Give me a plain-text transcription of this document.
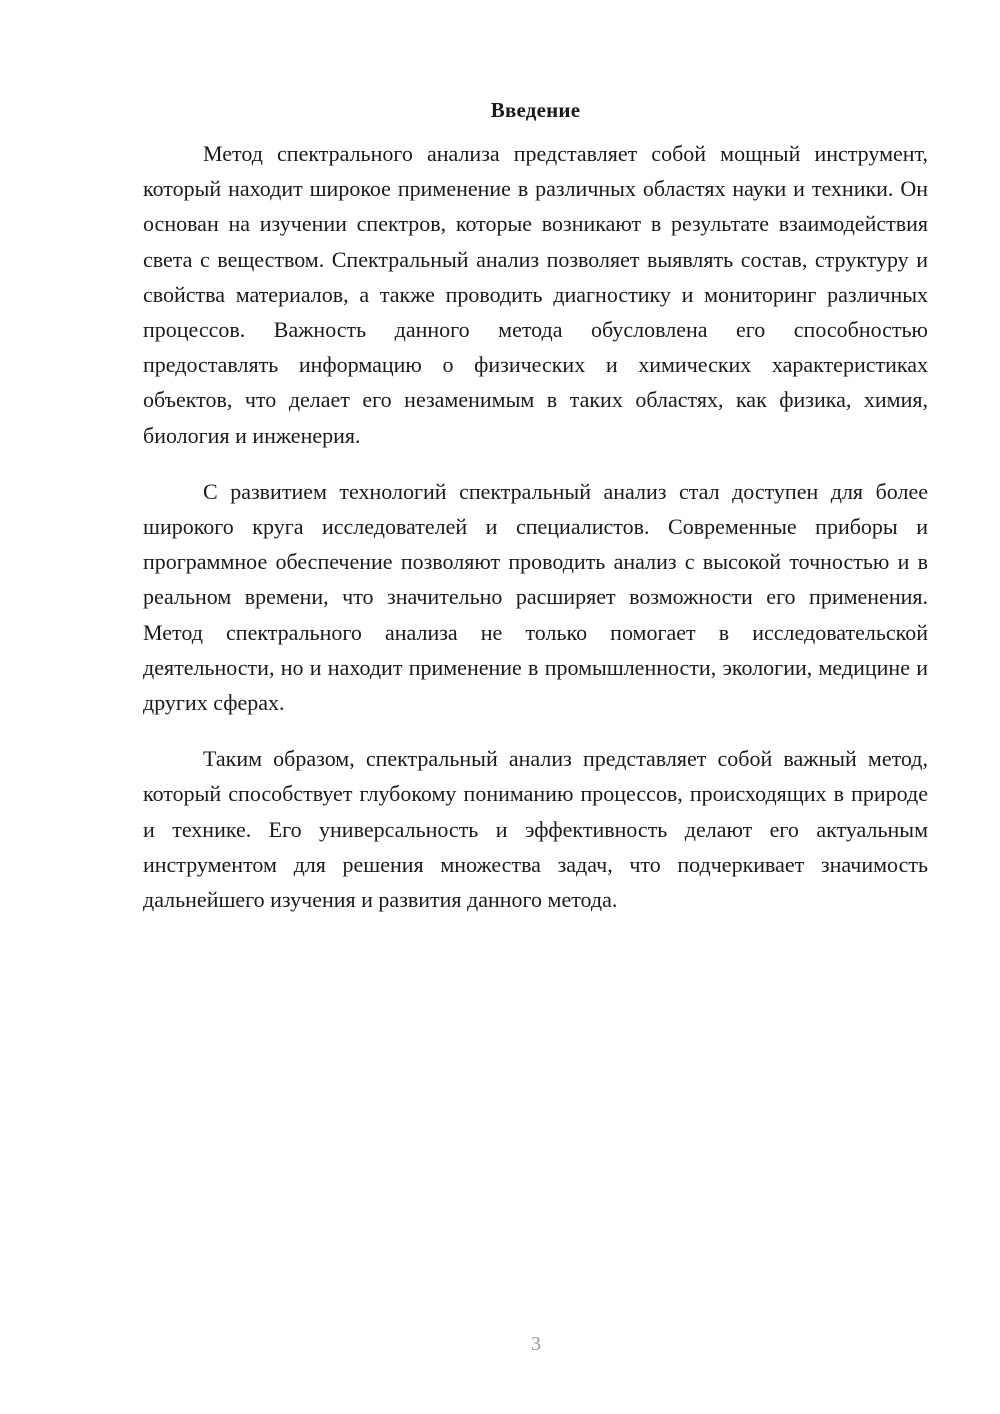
Введение

Метод спектрального анализа представляет собой мощный инструмент, который находит широкое применение в различных областях науки и техники. Он основан на изучении спектров, которые возникают в результате взаимодействия света с веществом. Спектральный анализ позволяет выявлять состав, структуру и свойства материалов, а также проводить диагностику и мониторинг различных процессов. Важность данного метода обусловлена его способностью предоставлять информацию о физических и химических характеристиках объектов, что делает его незаменимым в таких областях, как физика, химия, биология и инженерия.

С развитием технологий спектральный анализ стал доступен для более широкого круга исследователей и специалистов. Современные приборы и программное обеспечение позволяют проводить анализ с высокой точностью и в реальном времени, что значительно расширяет возможности его применения. Метод спектрального анализа не только помогает в исследовательской деятельности, но и находит применение в промышленности, экологии, медицине и других сферах.

Таким образом, спектральный анализ представляет собой важный метод, который способствует глубокому пониманию процессов, происходящих в природе и технике. Его универсальность и эффективность делают его актуальным инструментом для решения множества задач, что подчеркивает значимость дальнейшего изучения и развития данного метода.

3
